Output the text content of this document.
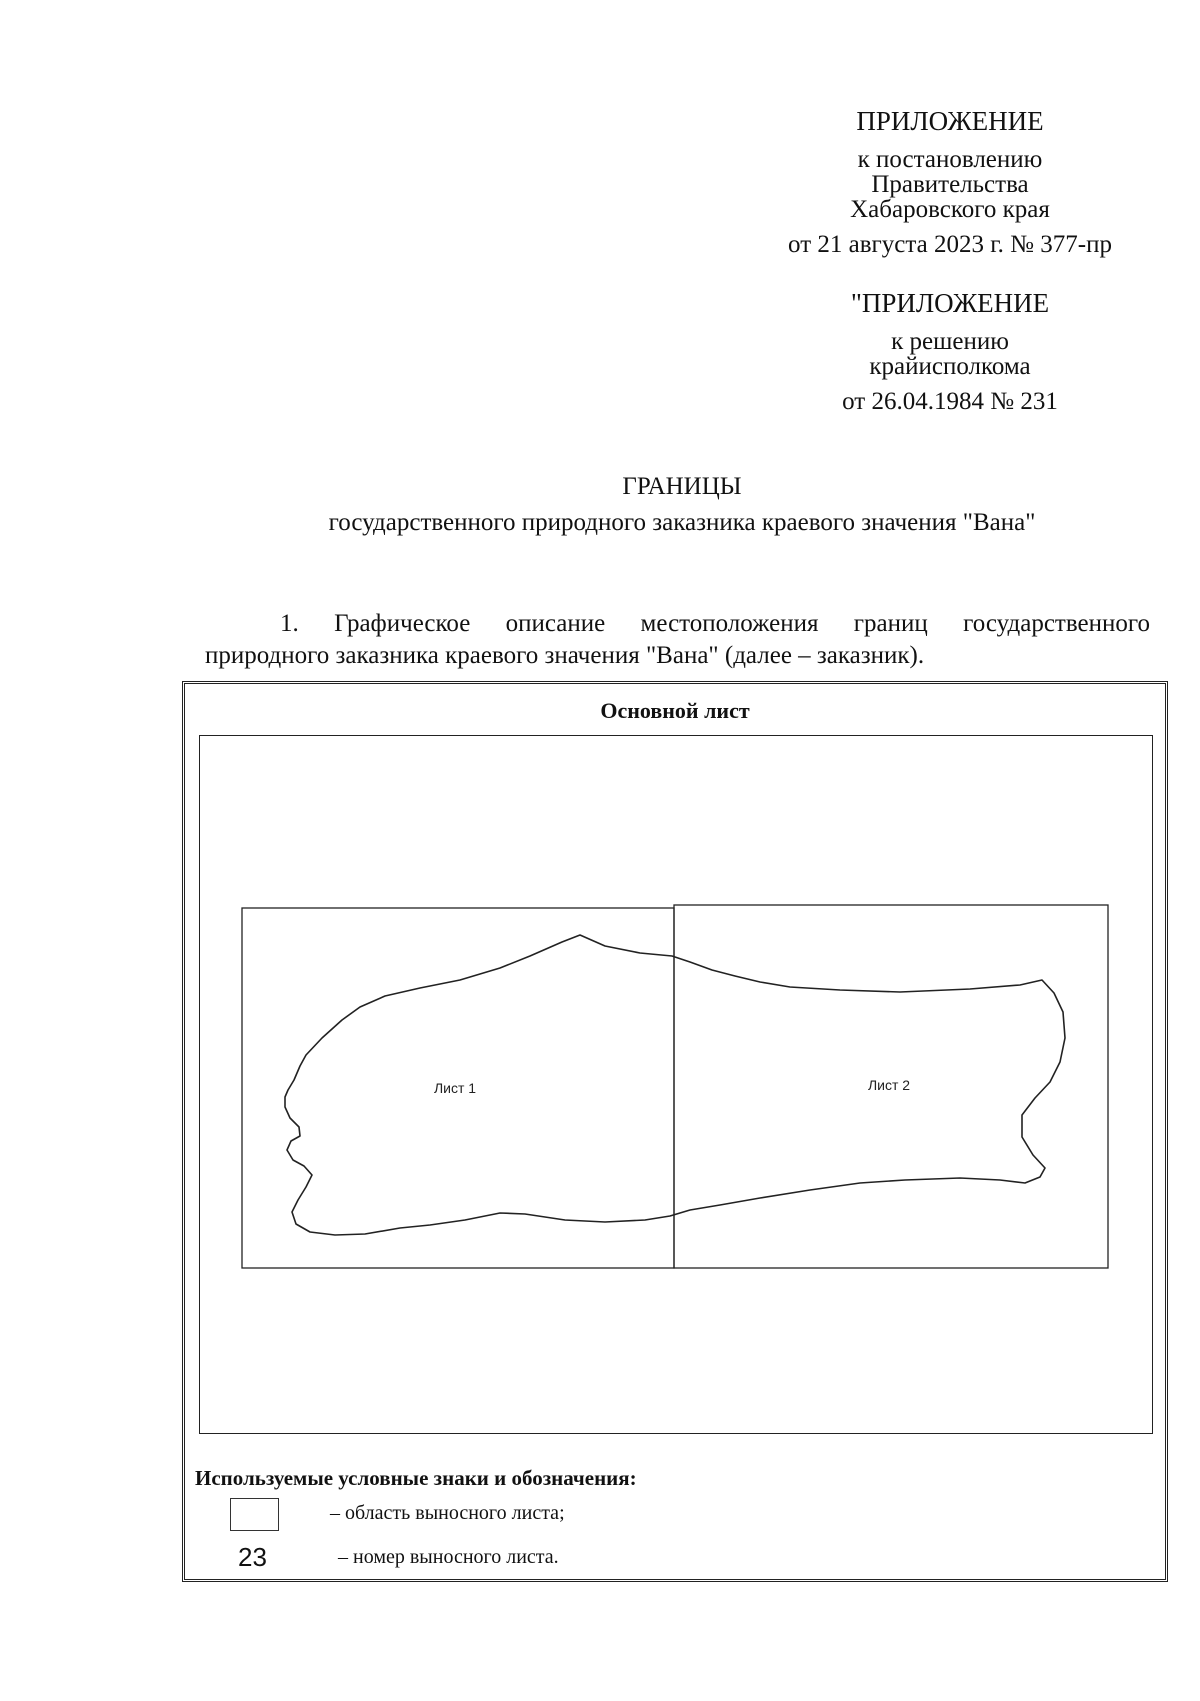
ПРИЛОЖЕНИЕ
к постановлению
Правительства
Хабаровского края
от 21 августа 2023 г. № 377-пр
"ПРИЛОЖЕНИЕ
к решению
крайисполкома
от 26.04.1984 № 231
ГРАНИЦЫ
государственного природного заказника краевого значения "Вана"
1. Графическое описание местоположения границ государственного
природного заказника краевого значения "Вана" (далее – заказник).
Основной лист
Лист 1	Лист 2
Используемые условные знаки и обозначения:
– область выносного листа;
23	– номер выносного листа.
